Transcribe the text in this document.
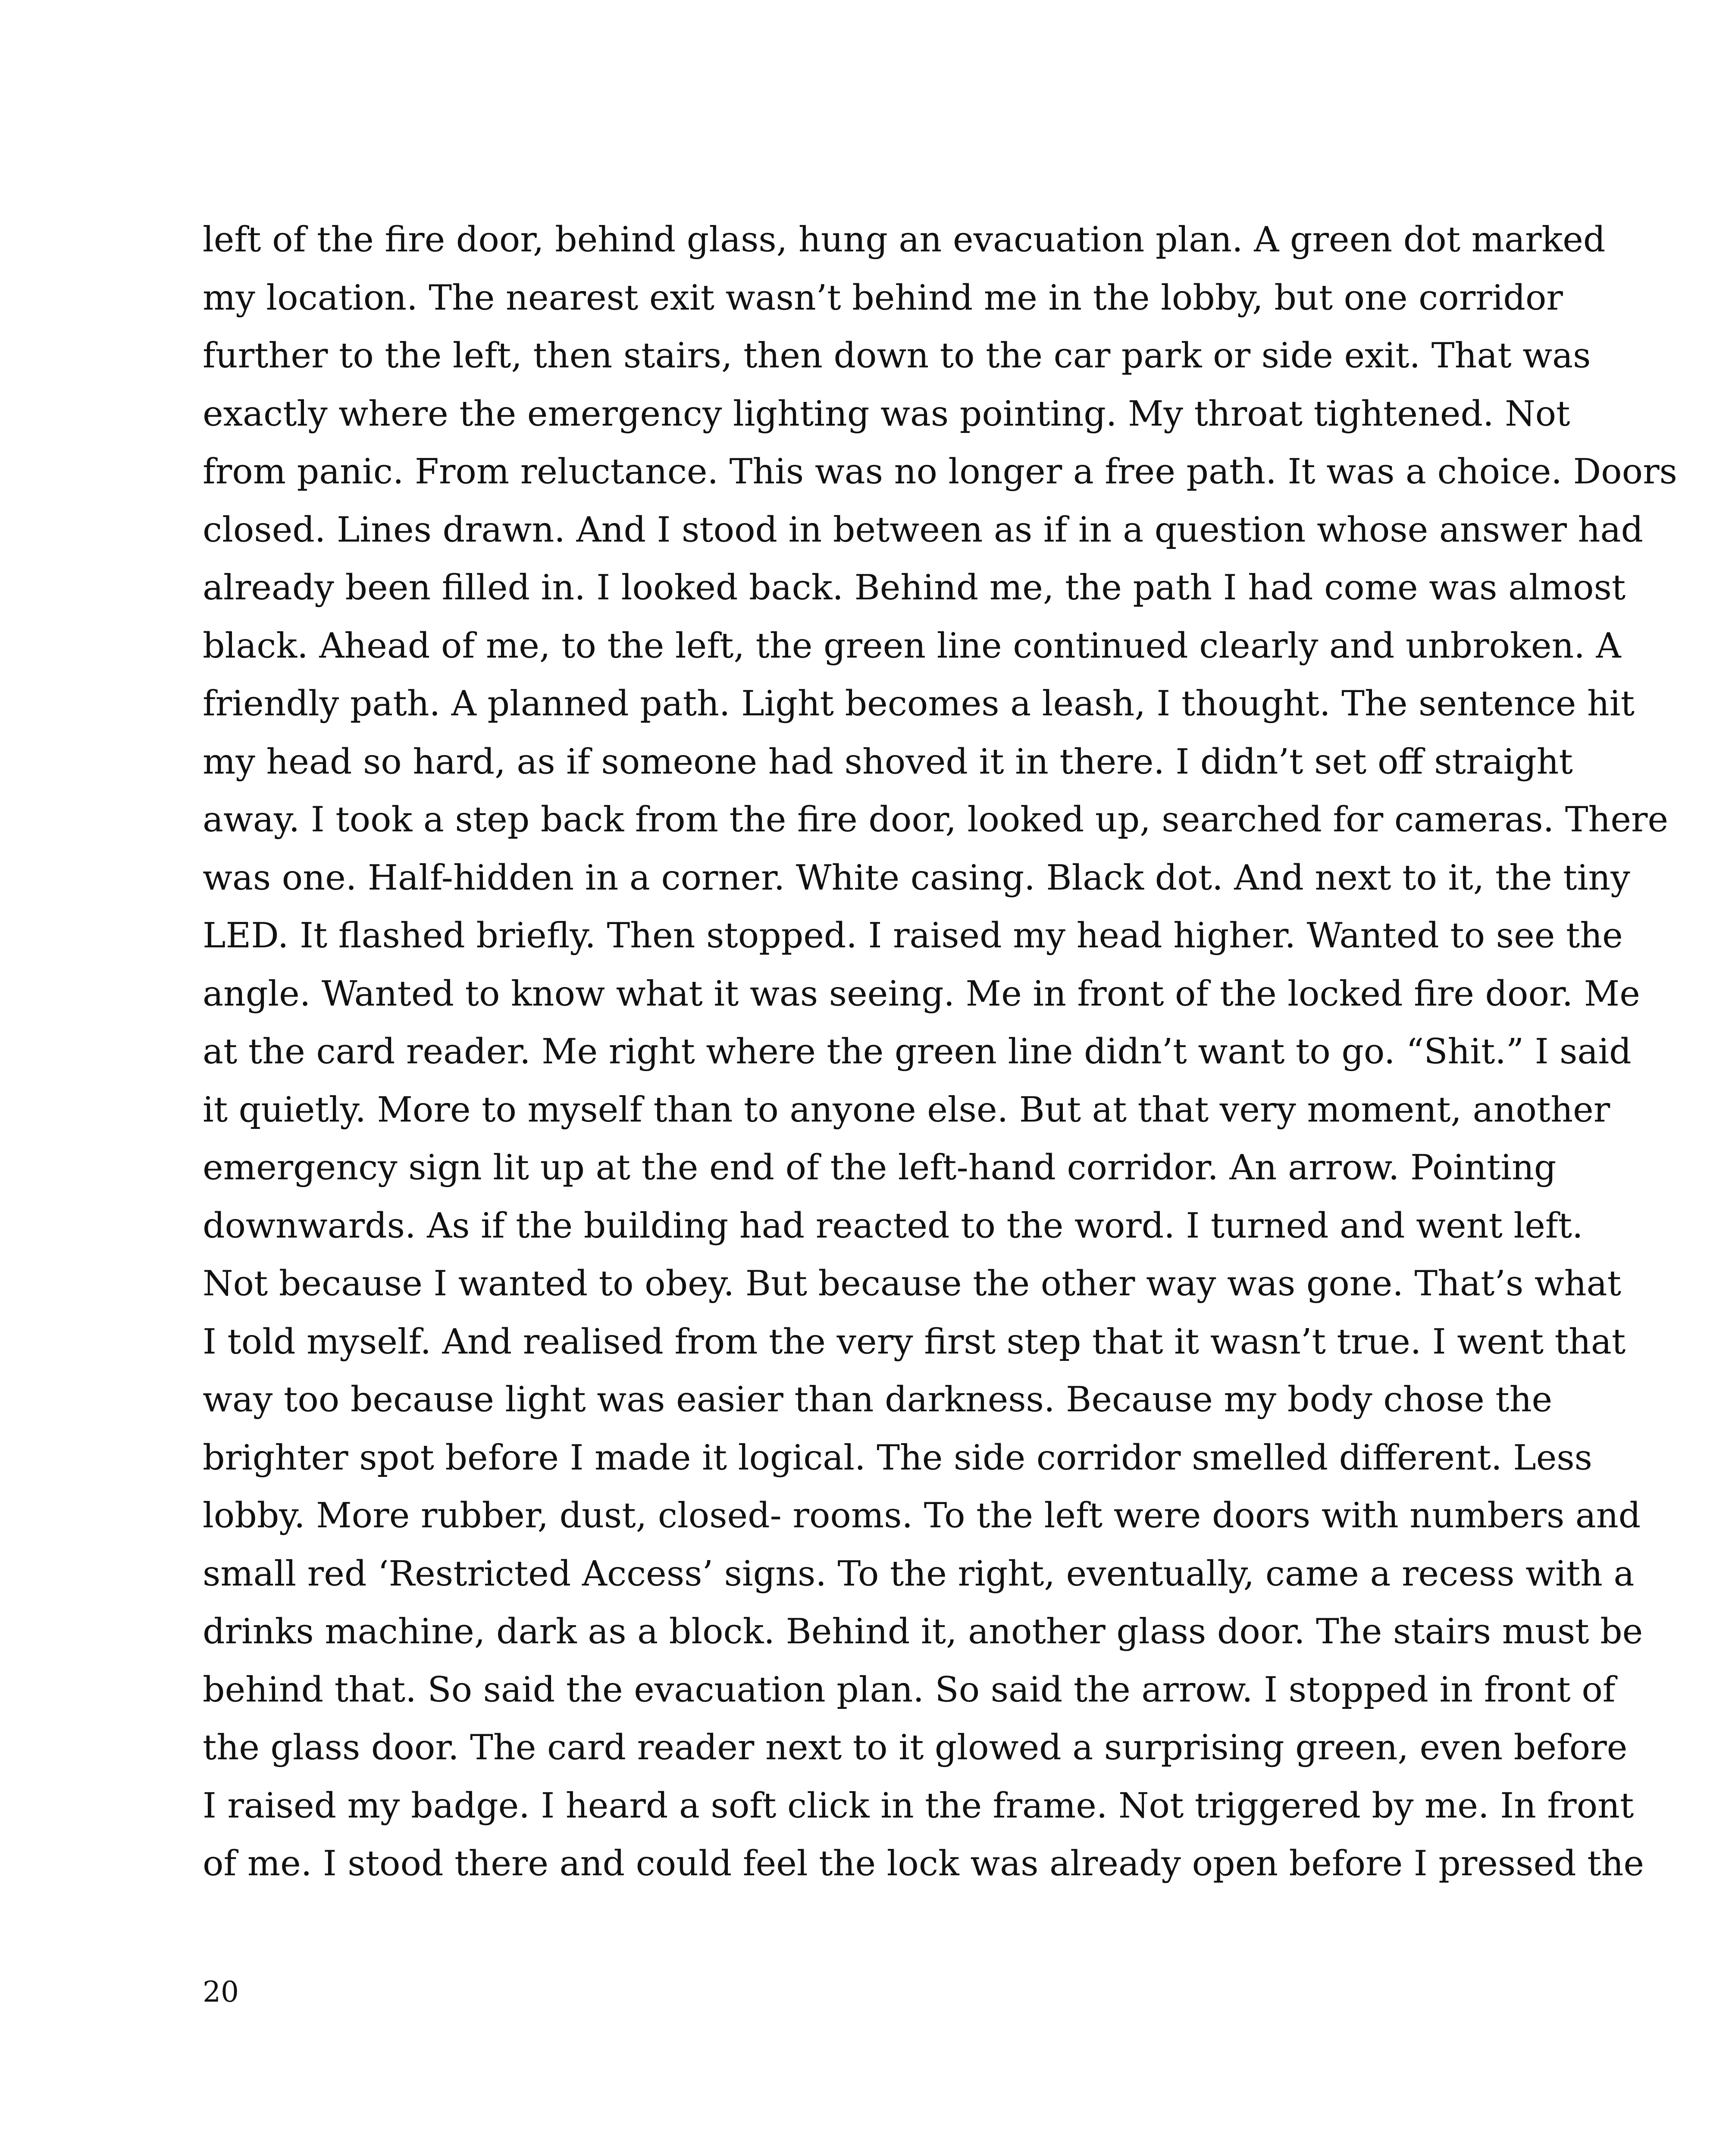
left of the fire door, behind glass, hung an evacuation plan. A green dot marked
my location. The nearest exit wasn’t behind me in the lobby, but one corridor
further to the left, then stairs, then down to the car park or side exit. That was
exactly where the emergency lighting was pointing. My throat tightened. Not
from panic. From reluctance. This was no longer a free path. It was a choice. Doors
closed. Lines drawn. And I stood in between as if in a question whose answer had
already been filled in. I looked back. Behind me, the path I had come was almost
black. Ahead of me, to the left, the green line continued clearly and unbroken. A
friendly path. A planned path. Light becomes a leash, I thought. The sentence hit
my head so hard, as if someone had shoved it in there. I didn’t set off straight
away. I took a step back from the fire door, looked up, searched for cameras. There
was one. Half-hidden in a corner. White casing. Black dot. And next to it, the tiny
LED. It flashed briefly. Then stopped. I raised my head higher. Wanted to see the
angle. Wanted to know what it was seeing. Me in front of the locked fire door. Me
at the card reader. Me right where the green line didn’t want to go. “Shit.” I said
it quietly. More to myself than to anyone else. But at that very moment, another
emergency sign lit up at the end of the left-hand corridor. An arrow. Pointing
downwards. As if the building had reacted to the word. I turned and went left.
Not because I wanted to obey. But because the other way was gone. That’s what
I told myself. And realised from the very first step that it wasn’t true. I went that
way too because light was easier than darkness. Because my body chose the
brighter spot before I made it logical. The side corridor smelled different. Less
lobby. More rubber, dust, closed- rooms. To the left were doors with numbers and
small red ‘Restricted Access’ signs. To the right, eventually, came a recess with a
drinks machine, dark as a block. Behind it, another glass door. The stairs must be
behind that. So said the evacuation plan. So said the arrow. I stopped in front of
the glass door. The card reader next to it glowed a surprising green, even before
I raised my badge. I heard a soft click in the frame. Not triggered by me. In front
of me. I stood there and could feel the lock was already open before I pressed the
20
